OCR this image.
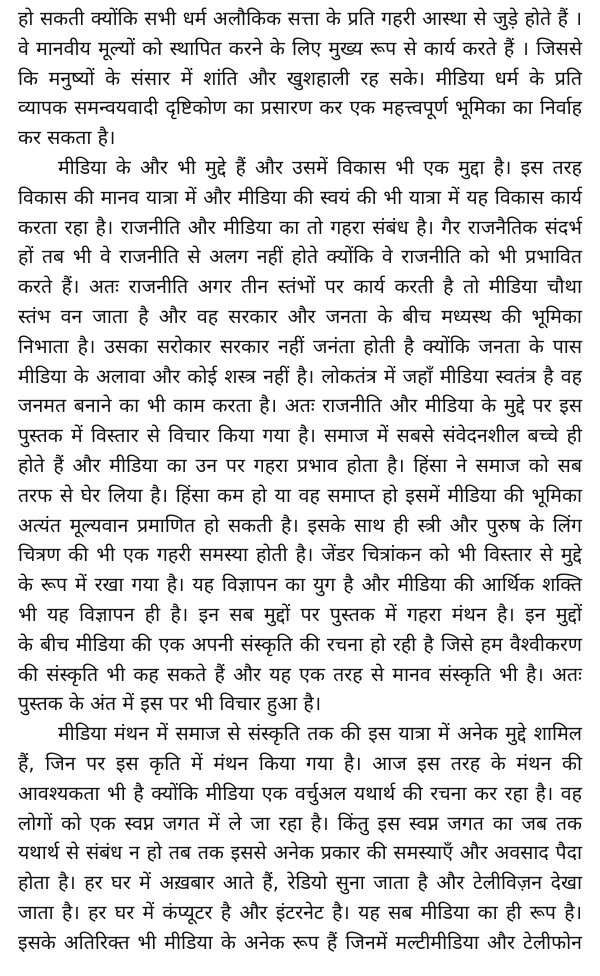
हो सकती क्योंकि सभी धर्म अलौकिक सत्ता के प्रति गहरी आस्था से जुड़े होते हैं ।
वे मानवीय मूल्यों को स्थापित करने के लिए मुख्य रूप से कार्य करते हैं । जिससे
कि मनुष्यों के संसार में शांति और खुशहाली रह सके। मीडिया धर्म के प्रति
व्यापक समन्वयवादी दृष्टिकोण का प्रसारण कर एक महत्त्वपूर्ण भूमिका का निर्वाह
कर सकता है।
मीडिया के और भी मुद्दे हैं और उसमें विकास भी एक मुद्दा है। इस तरह
विकास की मानव यात्रा में और मीडिया की स्वयं की भी यात्रा में यह विकास कार्य
करता रहा है। राजनीति और मीडिया का तो गहरा संबंध है। गैर राजनैतिक संदर्भ
हों तब भी वे राजनीति से अलग नहीं होते क्योंकि वे राजनीति को भी प्रभावित
करते हैं। अतः राजनीति अगर तीन स्तंभों पर कार्य करती है तो मीडिया चौथा
स्तंभ वन जाता है और वह सरकार और जनता के बीच मध्यस्थ की भूमिका
निभाता है। उसका सरोकार सरकार नहीं जनंता होती है क्योंकि जनता के पास
मीडिया के अलावा और कोई शस्त्र नहीं है। लोकतंत्र में जहाँ मीडिया स्वतंत्र है वह
जनमत बनाने का भी काम करता है। अतः राजनीति और मीडिया के मुद्दे पर इस
पुस्तक में विस्तार से विचार किया गया है। समाज में सबसे संवेदनशील बच्चे ही
होते हैं और मीडिया का उन पर गहरा प्रभाव होता है। हिंसा ने समाज को सब
तरफ से घेर लिया है। हिंसा कम हो या वह समाप्त हो इसमें मीडिया की भूमिका
अत्यंत मूल्यवान प्रमाणित हो सकती है। इसके साथ ही स्त्री और पुरुष के लिंग
चित्रण की भी एक गहरी समस्या होती है। जेंडर चित्रांकन को भी विस्तार से मुद्दे
के रूप में रखा गया है। यह विज्ञापन का युग है और मीडिया की आर्थिक शक्ति
भी यह विज्ञापन ही है। इन सब मुद्दों पर पुस्तक में गहरा मंथन है। इन मुद्दों
के बीच मीडिया की एक अपनी संस्कृति की रचना हो रही है जिसे हम वैश्वीकरण
की संस्कृति भी कह सकते हैं और यह एक तरह से मानव संस्कृति भी है। अतः
पुस्तक के अंत में इस पर भी विचार हुआ है।
मीडिया मंथन में समाज से संस्कृति तक की इस यात्रा में अनेक मुद्दे शामिल
हैं, जिन पर इस कृति में मंथन किया गया है। आज इस तरह के मंथन की
आवश्यकता भी है क्योंकि मीडिया एक वर्चुअल यथार्थ की रचना कर रहा है। वह
लोगों को एक स्वप्न जगत में ले जा रहा है। किंतु इस स्वप्न जगत का जब तक
यथार्थ से संबंध न हो तब तक इससे अनेक प्रकार की समस्याएँ और अवसाद पैदा
होता है। हर घर में अख़बार आते हैं, रेडियो सुना जाता है और टेलीविज़न देखा
जाता है। हर घर में कंप्यूटर है और इंटरनेट है। यह सब मीडिया का ही रूप है।
इसके अतिरिक्त भी मीडिया के अनेक रूप हैं जिनमें मल्टीमीडिया और टेलीफोन
